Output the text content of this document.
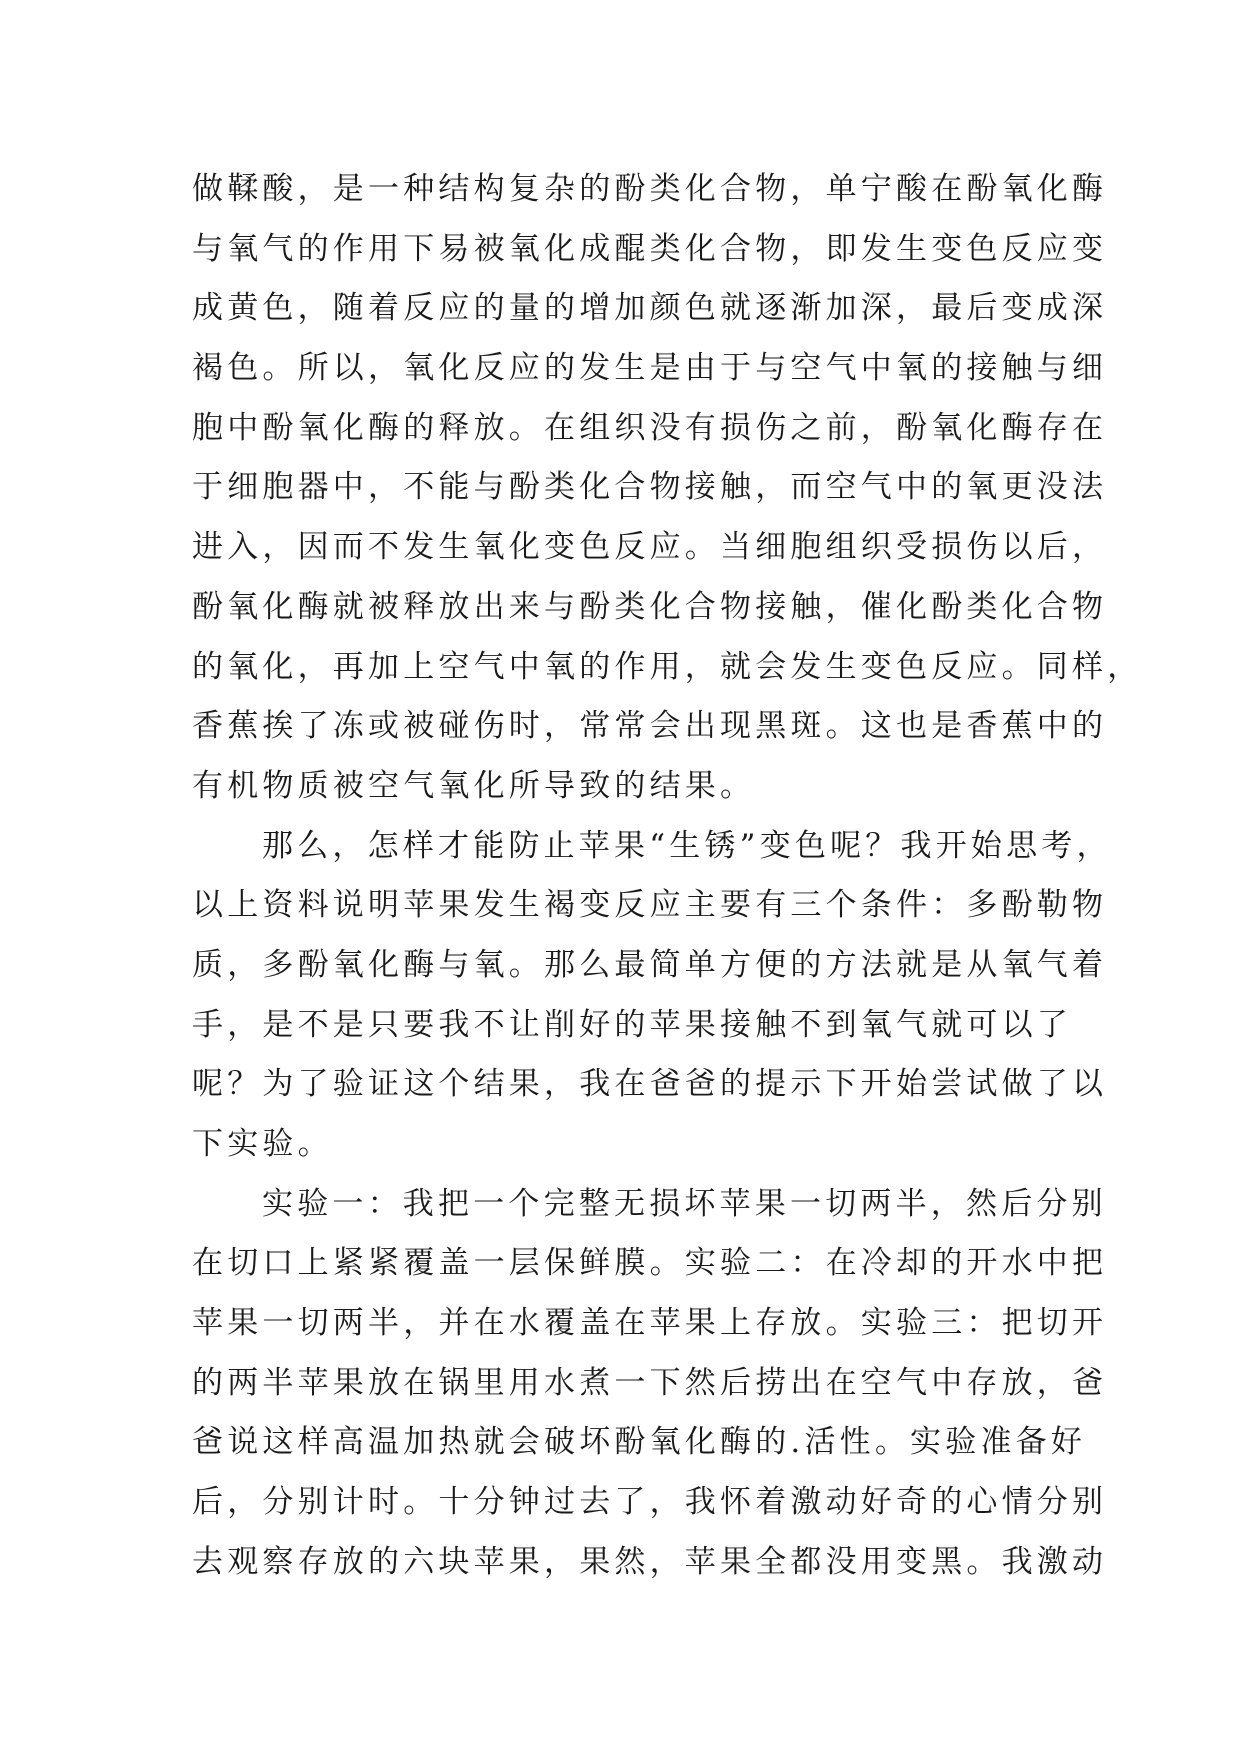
做鞣酸，是一种结构复杂的酚类化合物，单宁酸在酚氧化酶
与氧气的作用下易被氧化成醌类化合物，即发生变色反应变
成黄色，随着反应的量的增加颜色就逐渐加深，最后变成深
褐色。所以，氧化反应的发生是由于与空气中氧的接触与细
胞中酚氧化酶的释放。在组织没有损伤之前，酚氧化酶存在
于细胞器中，不能与酚类化合物接触，而空气中的氧更没法
进入，因而不发生氧化变色反应。当细胞组织受损伤以后，
酚氧化酶就被释放出来与酚类化合物接触，催化酚类化合物
的氧化，再加上空气中氧的作用，就会发生变色反应。同样，
香蕉挨了冻或被碰伤时，常常会出现黑斑。这也是香蕉中的
有机物质被空气氧化所导致的结果。
那么，怎样才能防止苹果“生锈”变色呢？我开始思考，
以上资料说明苹果发生褐变反应主要有三个条件：多酚勒物
质，多酚氧化酶与氧。那么最简单方便的方法就是从氧气着
手，是不是只要我不让削好的苹果接触不到氧气就可以了
呢？为了验证这个结果，我在爸爸的提示下开始尝试做了以
下实验。
实验一：我把一个完整无损坏苹果一切两半，然后分别
在切口上紧紧覆盖一层保鲜膜。实验二：在冷却的开水中把
苹果一切两半，并在水覆盖在苹果上存放。实验三：把切开
的两半苹果放在锅里用水煮一下然后捞出在空气中存放，爸
爸说这样高温加热就会破坏酚氧化酶的.活性。实验准备好
后，分别计时。十分钟过去了，我怀着激动好奇的心情分别
去观察存放的六块苹果，果然，苹果全都没用变黑。我激动
